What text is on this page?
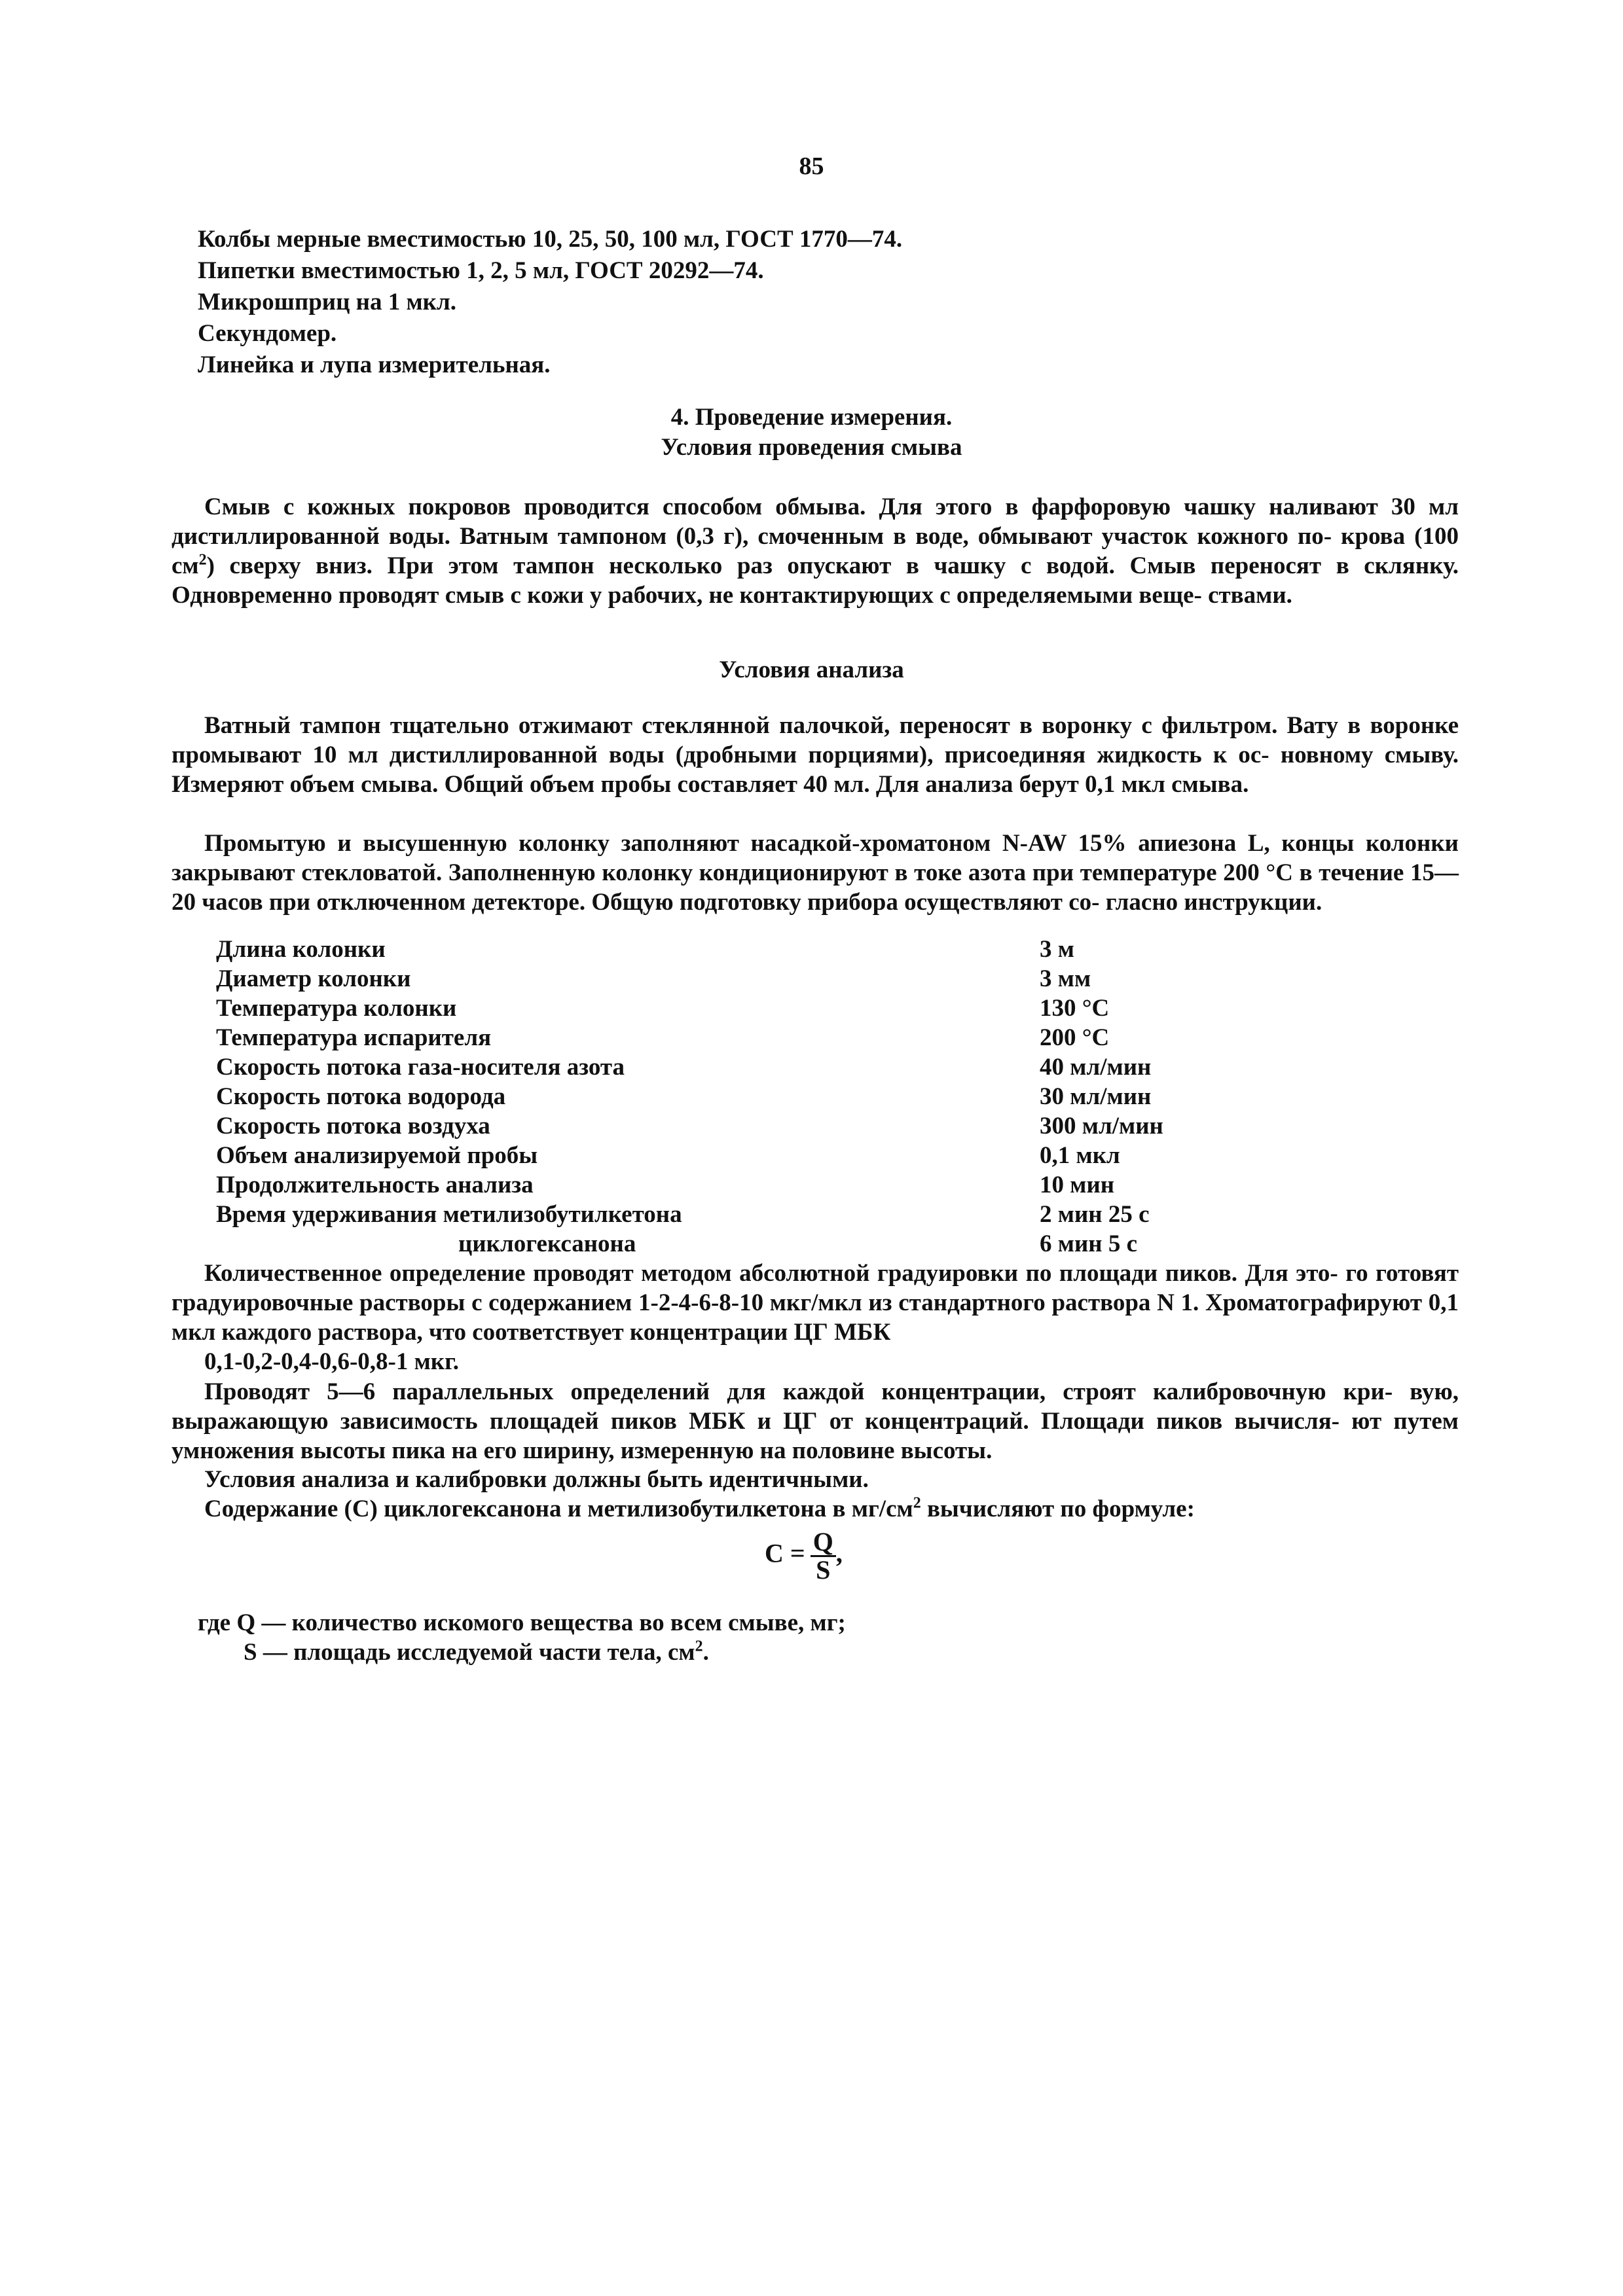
85
Колбы мерные вместимостью 10, 25, 50, 100 мл, ГОСТ 1770—74.
Пипетки вместимостью 1, 2, 5 мл, ГОСТ 20292—74.
Микрошприц на 1 мкл.
Секундомер.
Линейка и лупа измерительная.
4. Проведение измерения.
Условия проведения смыва
Смыв с кожных покровов проводится способом обмыва. Для этого в фарфоровую чашку наливают 30 мл дистиллированной воды. Ватным тампоном (0,3 г), смоченным в воде, обмывают участок кожного по- крова (100 $см^2$) сверху вниз. При этом тампон несколько раз опускают в чашку с водой. Смыв переносят в склянку. Одновременно проводят смыв с кожи у рабочих, не контактирующих с определяемыми веще- ствами.
Условия анализа
Ватный тампон тщательно отжимают стеклянной палочкой, переносят в воронку с фильтром. Вату в воронке промывают 10 мл дистиллированной воды (дробными порциями), присоединяя жидкость к ос- новному смыву. Измеряют объем смыва. Общий объем пробы составляет 40 мл. Для анализа берут 0,1 мкл смыва.
Промытую и высушенную колонку заполняют насадкой-хроматоном N-AW 15% апиезона L, концы колонки закрывают стекловатой. Заполненную колонку кондиционируют в токе азота при температуре 200 °С в течение 15—20 часов при отключенном детекторе. Общую подготовку прибора осуществляют со- гласно инструкции.
Длина колонки	3 м
Диаметр колонки	3 мм
Температура колонки	130 °С
Температура испарителя	200 °С
Скорость потока газа-носителя азота	40 мл/мин
Скорость потока водорода	30 мл/мин
Скорость потока воздуха	300 мл/мин
Объем анализируемой пробы	0,1 мкл
Продолжительность анализа	10 мин
Время удерживания метилизобутилкетона	2 мин 25 с
циклогексанона	6 мин 5 с
Количественное определение проводят методом абсолютной градуировки по площади пиков. Для это- го готовят градуировочные растворы с содержанием 1-2-4-6-8-10 мкг/мкл из стандартного раствора N 1. Хроматографируют 0,1 мкл каждого раствора, что соответствует концентрации ЦГ МБК
0,1-0,2-0,4-0,6-0,8-1 мкг.
Проводят 5—6 параллельных определений для каждой концентрации, строят калибровочную кри- вую, выражающую зависимость площадей пиков МБК и ЦГ от концентраций. Площади пиков вычисля- ют путем умножения высоты пика на его ширину, измеренную на половине высоты.
Условия анализа и калибровки должны быть идентичными.
Содержание (С) циклогексанона и метилизобутилкетона в $мг/см^2$ вычисляют по формуле:
$С = \frac{Q}{S}$ ,
где Q — количество искомого вещества во всем смыве, мг;
S — площадь исследуемой части тела, $см^2$.
